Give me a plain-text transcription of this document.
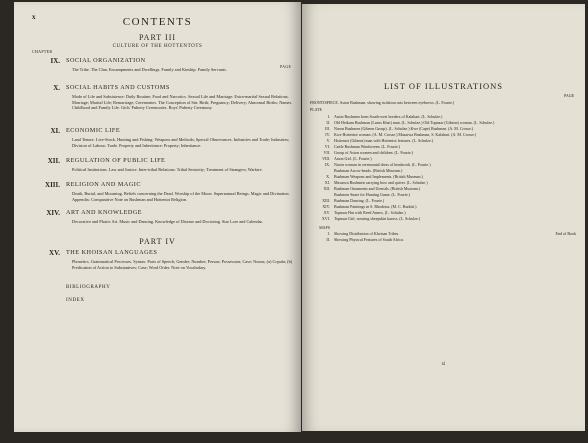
x	CONTENTS
PART III
CULTURE OF THE HOTTENTOTS
CHAPTER
PAGE
IX. SOCIAL ORGANIZATION
The Tribe. The Clan. Encampments and Dwellings. Family and Kinship. Family Servants.
X. SOCIAL HABITS AND CUSTOMS
Mode of Life and Subsistence: Daily Routine; Food and Narcotics. Sexual Life and Marriage: Extra-marital Sexual Relations; Marriage; Marital Life; Remarriage; Ceremonies. The Conception of Sin: Birth; Pregnancy; Delivery; Abnormal Births; Names. Childhood and Family Life. Girls' Puberty Ceremonies. Boys' Puberty Ceremony.
XI. ECONOMIC LIFE
Land Tenure. Live-Stock. Hunting and Fishing: Weapons and Methods; Special Observances. Industries and Trade; Industries; Division of Labour; Trade. Property and Inheritance: Property; Inheritance.
XII. REGULATION OF PUBLIC LIFE
Political Institutions. Law and Justice. Inter-tribal Relations: Tribal Seniority; Treatment of Strangers; Warfare.
XIII. RELIGION AND MAGIC
Death, Burial, and Mourning. Beliefs concerning the Dead. Worship of the Moon. Supernatural Beings. Magic and Divination. Appendix: Comparative Note on Bushman and Hottentot Religion.
XIV. ART AND KNOWLEDGE
Decorative and Plastic Art. Music and Dancing. Knowledge of Disease and Doctoring. Star Lore and Calendar.
PART IV
XV. THE KHOISAN LANGUAGES
Phonetics. Grammatical Processes. Syntax: Parts of Speech; Gender; Number; Person; Possession; Case; Nouns; (a) Copula; (b) Predication of Action to Substantives; Case; Word Order. Note on Vocabulary.
BIBLIOGRAPHY
INDEX
LIST OF ILLUSTRATIONS
FRONTISPIECE. Aston Bushman, showing isolation cuts between eyebrows. (L. Fourie.)
PLATE
PAGE
I. Aston Bushmen from South-west borders of Kalahari. (L. Schulze.)
II. Old Heikum Bushman (Lurus Khai) man. (L. Schulze.) Old Topnaar (Gibeon) woman. (L. Schulze.)
III. Naron Bushmen (Gibeon Group). (L. Schulze.) Kwe (Cape) Bushman. (A. M. Crosse.)
IV. Kwe Hottentot woman. (A. M. Crosse.) Masarwa Bushman, S. Kalahari. (A. M. Crosse.)
V. Hottentot (Gibeon) man with Hottentot features. (L. Schulze.)
VI. Cattle Bushman Windscreen. (L. Fourie.)
VII. Group of Aston women and children. (L. Fourie.)
VIII. Aston Girl. (L. Fourie.)
IX. Naron woman in ceremonial dress of beadwork. (L. Fourie.)
Bushman Arrow-heads. (British Museum.)
X. Bushman Weapons and Implements. (British Museum.)
XI. Masarwa Bushmen carrying bow and quiver. (L. Schulze.)
XII. Bushman Ornaments and Utensils. (British Museum.)
Bushmen Snare for Hunting Game. (L. Fourie.)
XIII. Bushman Dancing. (L. Fourie.)
XIV. Bushman Paintings in S. Rhodesia. (M. C. Burkitt.)
XV. Topnaar Hut with Reed Annex. (L. Schulze.)
XVI. Topnaar Girl, wearing sheepskin kaross. (L. Schulze.)
MAPS
I. Showing Distribution of Khoisan Tribes.	End of Book
II. Showing Physical Features of South Africa.
xi
